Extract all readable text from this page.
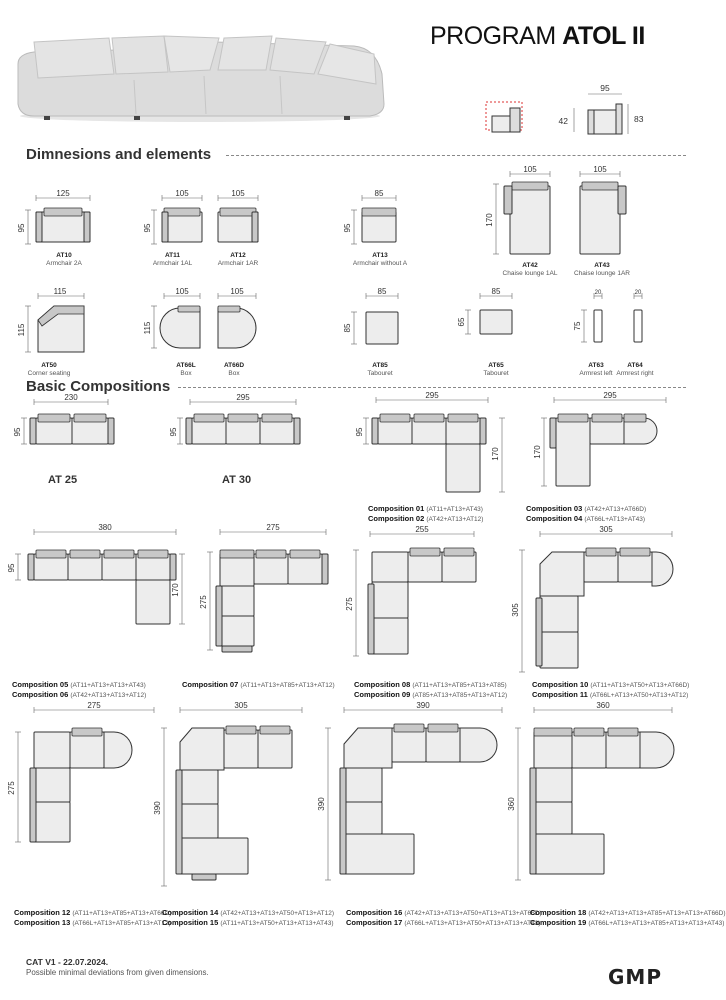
PROGRAM ATOL II
95
83
42
Dimnesions and elements
Basic Compositions
CAT V1 - 22.07.2024.
Possible minimal deviations from given dimensions.	GMP
125
95
AT10
Armchair 2A
105
95
AT11
Armchair 1AL
105
AT12
Armchair 1AR
85
95
AT13
Armchair without A
105
170
AT42
Chaise lounge 1AL
105
AT43
Chaise lounge 1AR
115
115
AT50
Corner seating
105
115
AT66L
Box
105
AT66D
Box
85
85
AT85
Tabouret
85
65
AT65
Tabouret
20
75
AT63
Armrest left
20
AT64
Armrest right
230
95
AT 25
295
95
AT 30
295
95
170
Composition 01 (AT11+AT13+AT43)
Composition 02 (AT42+AT13+AT12)
295
170
Composition 03 (AT42+AT13+AT66D)
Composition 04 (AT66L+AT13+AT43)
380
95
170
Composition 05 (AT11+AT13+AT13+AT43)
Composition 06 (AT42+AT13+AT13+AT12)
275
275
Composition 07 (AT11+AT13+AT85+AT13+AT12)
255
275
Composition 08 (AT11+AT13+AT85+AT13+AT85)
Composition 09 (AT85+AT13+AT85+AT13+AT12)
305
305
Composition 10 (AT11+AT13+AT50+AT13+AT66D)
Composition 11 (AT66L+AT13+AT50+AT13+AT12)
275
275
Composition 12 (AT11+AT13+AT85+AT13+AT66D)
Composition 13 (AT66L+AT13+AT85+AT13+AT12)
305
390
Composition 14 (AT42+AT13+AT13+AT50+AT13+AT12)
Composition 15 (AT11+AT13+AT50+AT13+AT13+AT43)
390
390
Composition 16 (AT42+AT13+AT13+AT50+AT13+AT13+AT66D)
Composition 17 (AT66L+AT13+AT13+AT50+AT13+AT13+AT43)
360
360
Composition 18 (AT42+AT13+AT13+AT85+AT13+AT13+AT66D)
Composition 19 (AT66L+AT13+AT13+AT85+AT13+AT13+AT43)
